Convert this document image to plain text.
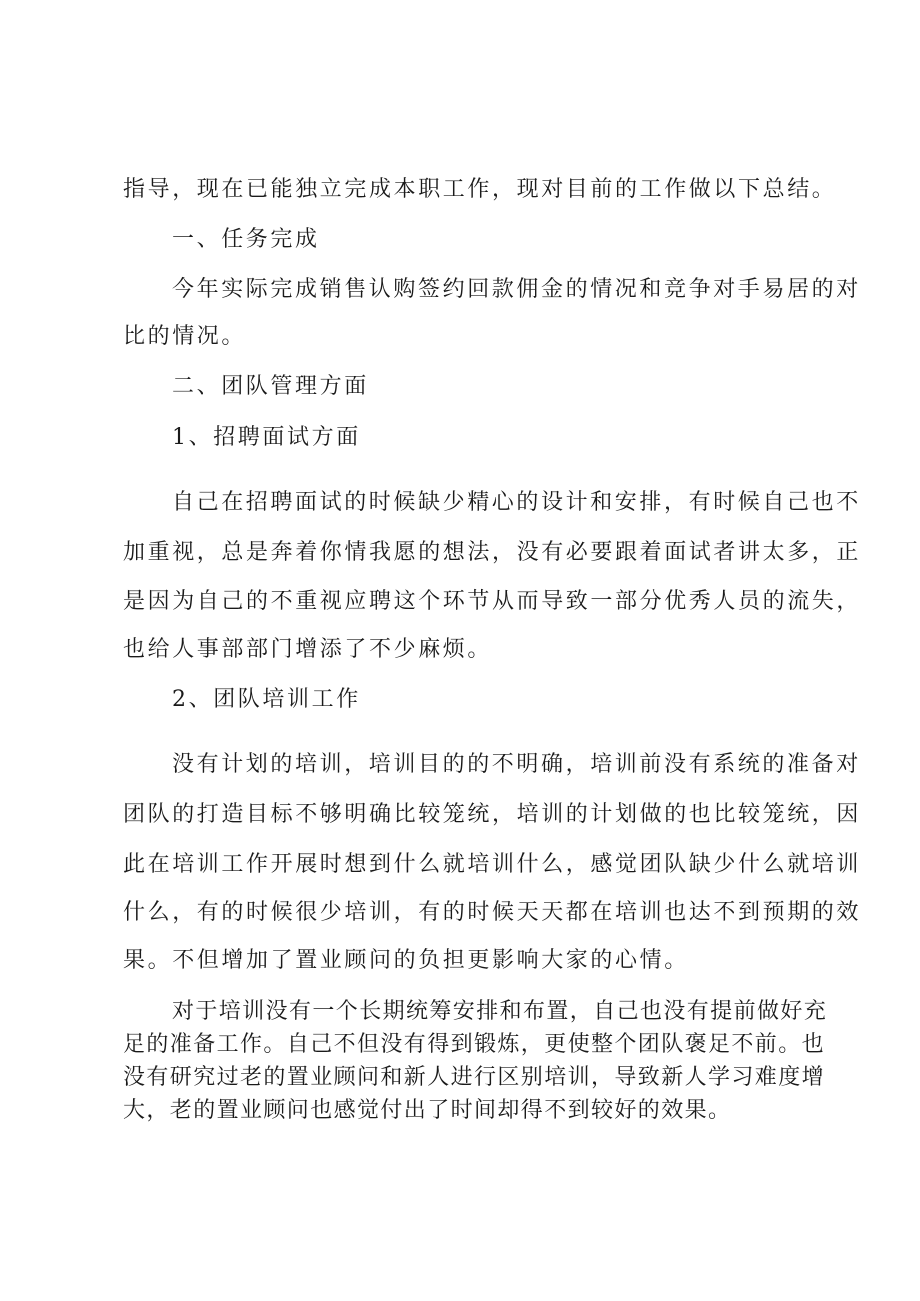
指导，现在已能独立完成本职工作，现对目前的工作做以下总结。
一、任务完成
今年实际完成销售认购签约回款佣金的情况和竞争对手易居的对
比的情况。
二、团队管理方面
1、招聘面试方面
自己在招聘面试的时候缺少精心的设计和安排，有时候自己也不
加重视，总是奔着你情我愿的想法，没有必要跟着面试者讲太多，正
是因为自己的不重视应聘这个环节从而导致一部分优秀人员的流失，
也给人事部部门增添了不少麻烦。
2、团队培训工作
没有计划的培训，培训目的的不明确，培训前没有系统的准备对
团队的打造目标不够明确比较笼统，培训的计划做的也比较笼统，因
此在培训工作开展时想到什么就培训什么，感觉团队缺少什么就培训
什么，有的时候很少培训，有的时候天天都在培训也达不到预期的效
果。不但增加了置业顾问的负担更影响大家的心情。
对于培训没有一个长期统筹安排和布置，自己也没有提前做好充
足的准备工作。自己不但没有得到锻炼，更使整个团队褒足不前。也
没有研究过老的置业顾问和新人进行区别培训，导致新人学习难度增
大，老的置业顾问也感觉付出了时间却得不到较好的效果。
